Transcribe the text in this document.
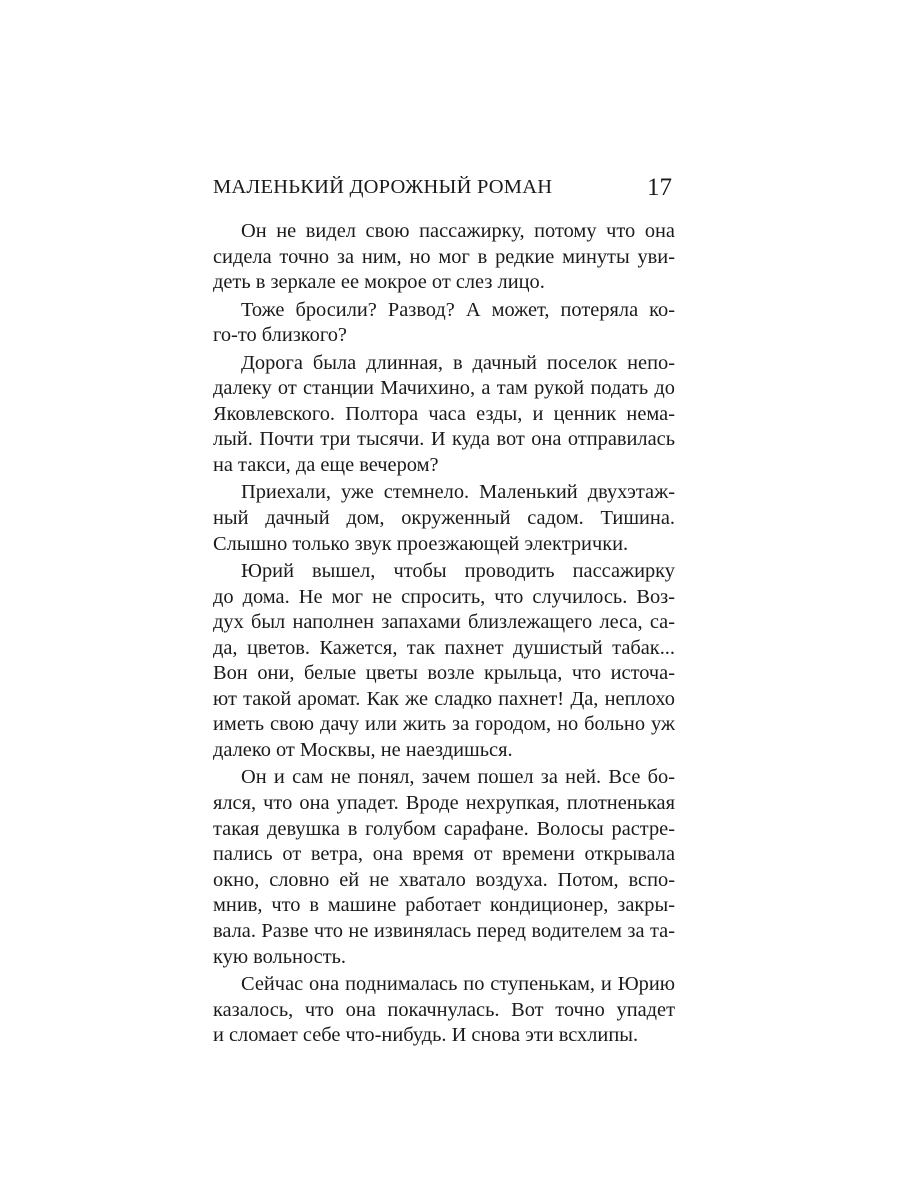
МАЛЕНЬКИЙ ДОРОЖНЫЙ РОМАН	17

Он не видел свою пассажирку, потому что она
сидела точно за ним, но мог в редкие минуты уви-
деть в зеркале ее мокрое от слез лицо.

Тоже бросили? Развод? А может, потеряла ко-
го-то близкого?

Дорога была длинная, в дачный поселок непо-
далеку от станции Мачихино, а там рукой подать до
Яковлевского. Полтора часа езды, и ценник нема-
лый. Почти три тысячи. И куда вот она отправилась
на такси, да еще вечером?

Приехали, уже стемнело. Маленький двухэтаж-
ный дачный дом, окруженный садом. Тишина.
Слышно только звук проезжающей электрички.

Юрий вышел, чтобы проводить пассажирку
до дома. Не мог не спросить, что случилось. Воз-
дух был наполнен запахами близлежащего леса, са-
да, цветов. Кажется, так пахнет душистый табак...
Вон они, белые цветы возле крыльца, что источа-
ют такой аромат. Как же сладко пахнет! Да, неплохо
иметь свою дачу или жить за городом, но больно уж
далеко от Москвы, не наездишься.

Он и сам не понял, зачем пошел за ней. Все бо-
ялся, что она упадет. Вроде нехрупкая, плотненькая
такая девушка в голубом сарафане. Волосы растре-
пались от ветра, она время от времени открывала
окно, словно ей не хватало воздуха. Потом, вспо-
мнив, что в машине работает кондиционер, закры-
вала. Разве что не извинялась перед водителем за та-
кую вольность.

Сейчас она поднималась по ступенькам, и Юрию
казалось, что она покачнулась. Вот точно упадет
и сломает себе что-нибудь. И снова эти всхлипы.
